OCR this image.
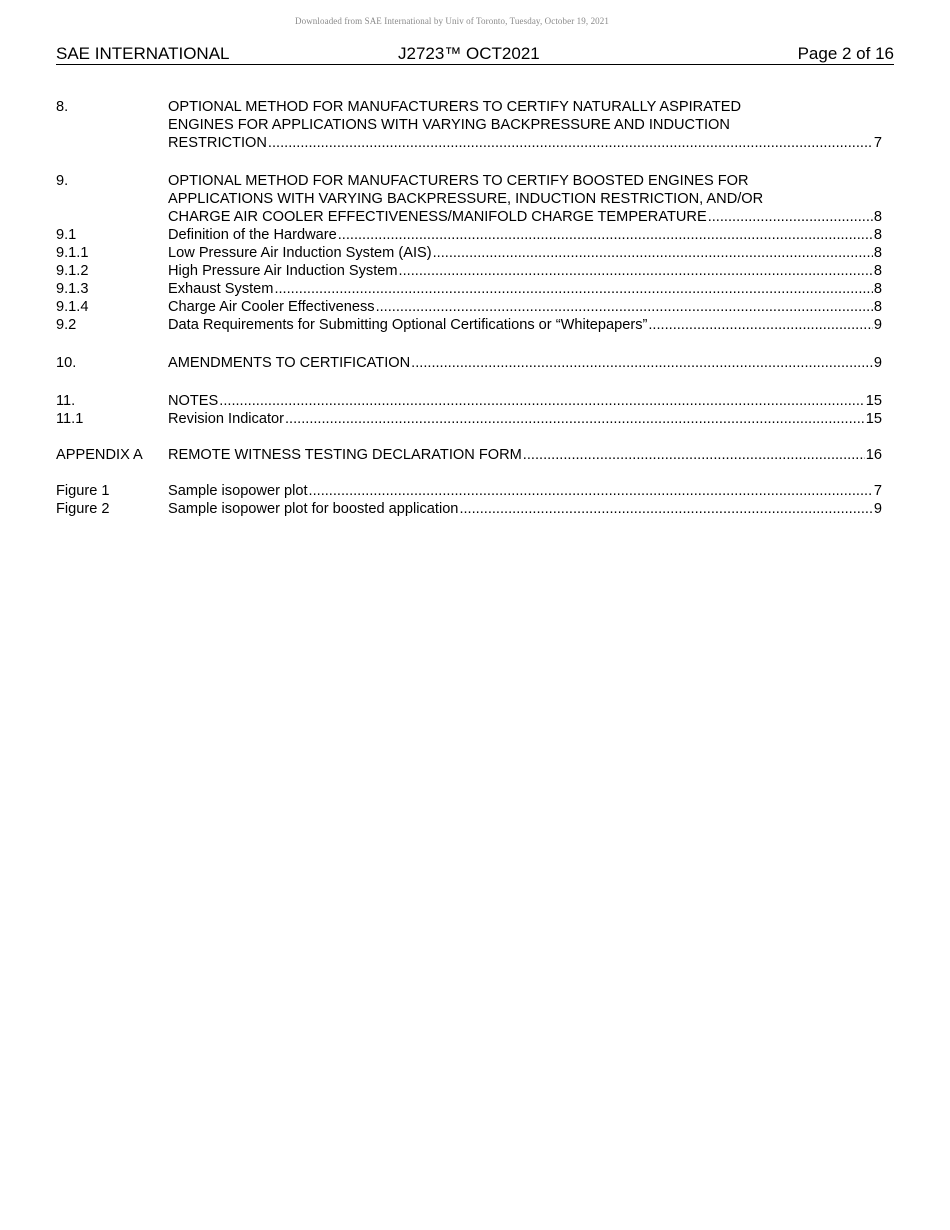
Downloaded from SAE International by Univ of Toronto, Tuesday, October 19, 2021
SAE INTERNATIONAL	J2723™ OCT2021	Page 2 of 16
8.	OPTIONAL METHOD FOR MANUFACTURERS TO CERTIFY NATURALLY ASPIRATED
ENGINES FOR APPLICATIONS WITH VARYING BACKPRESSURE AND INDUCTION
RESTRICTION .....	7
9.	OPTIONAL METHOD FOR MANUFACTURERS TO CERTIFY BOOSTED ENGINES FOR
APPLICATIONS WITH VARYING BACKPRESSURE, INDUCTION RESTRICTION, AND/OR
CHARGE AIR COOLER EFFECTIVENESS/MANIFOLD CHARGE TEMPERATURE .....	8
9.1	Definition of the Hardware .....	8
9.1.1	Low Pressure Air Induction System (AIS) .....	8
9.1.2	High Pressure Air Induction System .....	8
9.1.3	Exhaust System .....	8
9.1.4	Charge Air Cooler Effectiveness .....	8
9.2	Data Requirements for Submitting Optional Certifications or “Whitepapers” .....	9
10.	AMENDMENTS TO CERTIFICATION .....	9
11.	NOTES .....	15
11.1	Revision Indicator .....	15
APPENDIX A	REMOTE WITNESS TESTING DECLARATION FORM .....	16
Figure 1	Sample isopower plot .....	7
Figure 2	Sample isopower plot for boosted application .....	9
